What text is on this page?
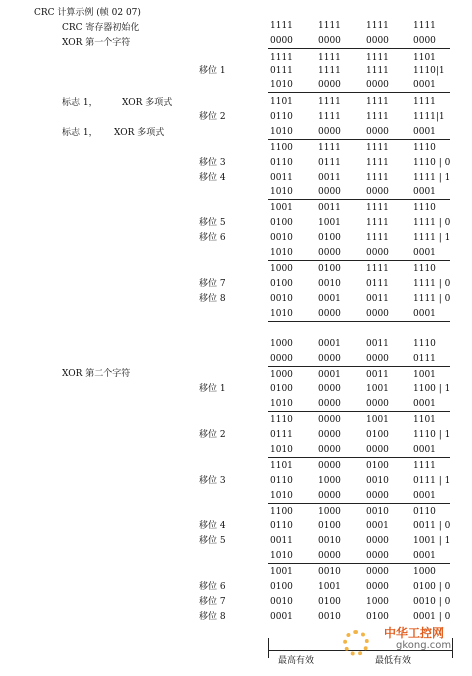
CRC 计算示例 (帧 02 07)
CRC 寄存器初始化
XOR 第一个字符
标志 1，	XOR 多项式
标志 1， XOR 多项式
XOR 第二个字符
1111	1111	1111	1111
0000	0000	0000	0000
1111	1111	1111	1101
移位 1	0111	1111	1111	1110|1
1010	0000	0000	0001
1101	1111	1111	1111
移位 2	0110	1111	1111	1111|1
1010	0000	0000	0001
1100	1111	1111	1110
移位 3	0110	0111	1111	1110 | 0
移位 4	0011	0011	1111	1111 | 1
1010	0000	0000	0001
1001	0011	1111	1110
移位 5	0100	1001	1111	1111 | 0
移位 6	0010	0100	1111	1111 | 1
1010	0000	0000	0001
1000	0100	1111	1110
移位 7	0100	0010	0111	1111 | 0
移位 8	0010	0001	0011	1111 | 0
1010	0000	0000	0001
1000	0001	0011	1110
0000	0000	0000	0111
1000	0001	0011	1001
移位 1	0100	0000	1001	1100 | 1
1010	0000	0000	0001
1110	0000	1001	1101
移位 2	0111	0000	0100	1110 | 1
1010	0000	0000	0001
1101	0000	0100	1111
移位 3	0110	1000	0010	0111 | 1
1010	0000	0000	0001
1100	1000	0010	0110
移位 4	0110	0100	0001	0011 | 0
移位 5	0011	0010	0000	1001 | 1
1010	0000	0000	0001
1001	0010	0000	1000
移位 6	0100	1001	0000	0100 | 0
移位 7	0010	0100	1000	0010 | 0
移位 8	0001	0010	0100	0001 | 0
最高有效	最低有效
中华工控网
gkong.com
